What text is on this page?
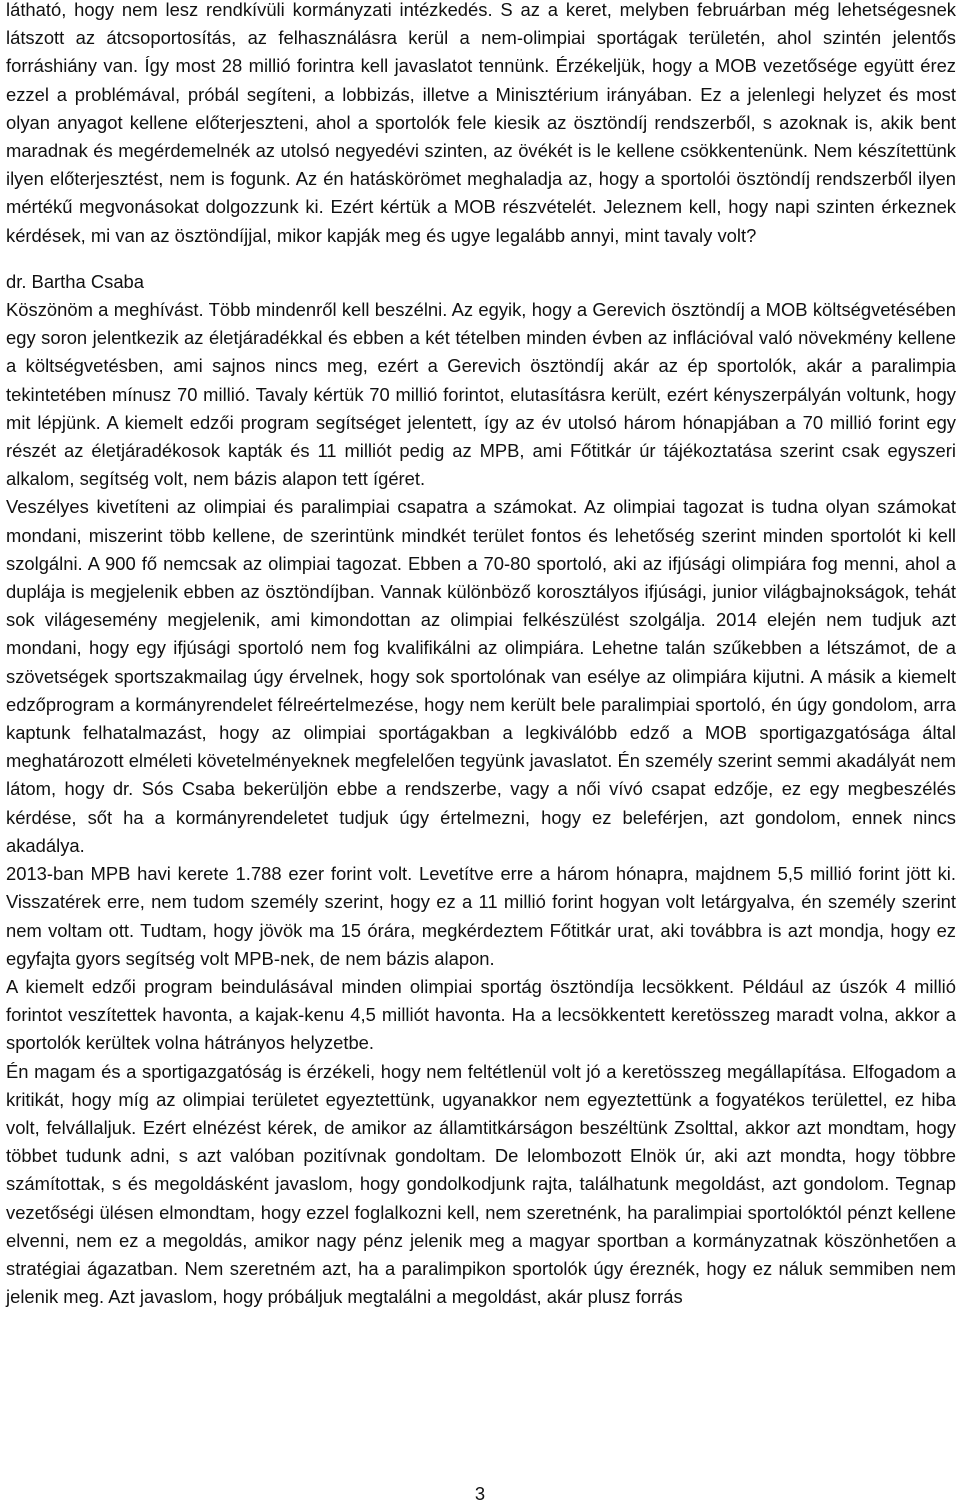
látható, hogy nem lesz rendkívüli kormányzati intézkedés. S az a keret, melyben februárban még lehetségesnek látszott az átcsoportosítás, az felhasználásra kerül a nem-olimpiai sportágak területén, ahol szintén jelentős forráshiány van. Így most 28 millió forintra kell javaslatot tennünk. Érzékeljük, hogy a MOB vezetősége együtt érez ezzel a problémával, próbál segíteni, a lobbizás, illetve a Minisztérium irányában. Ez a jelenlegi helyzet és most olyan anyagot kellene előterjeszteni, ahol a sportolók fele kiesik az ösztöndíj rendszerből, s azoknak is, akik bent maradnak és megérdemelnék az utolsó negyedévi szinten, az övékét is le kellene csökkentenünk. Nem készítettünk ilyen előterjesztést, nem is fogunk. Az én hatáskörömet meghaladja az, hogy a sportolói ösztöndíj rendszerből ilyen mértékű megvonásokat dolgozzunk ki. Ezért kértük a MOB részvételét. Jeleznem kell, hogy napi szinten érkeznek kérdések, mi van az ösztöndíjjal, mikor kapják meg és ugye legalább annyi, mint tavaly volt?

dr. Bartha Csaba

Köszönöm a meghívást. Több mindenről kell beszélni. Az egyik, hogy a Gerevich ösztöndíj a MOB költségvetésében egy soron jelentkezik az életjáradékkal és ebben a két tételben minden évben az inflációval való növekmény kellene a költségvetésben, ami sajnos nincs meg, ezért a Gerevich ösztöndíj akár az ép sportolók, akár a paralimpia tekintetében mínusz 70 millió. Tavaly kértük 70 millió forintot, elutasításra került, ezért kényszerpályán voltunk, hogy mit lépjünk. A kiemelt edzői program segítséget jelentett, így az év utolsó három hónapjában a 70 millió forint egy részét az életjáradékosok kapták és 11 milliót pedig az MPB, ami Főtitkár úr tájékoztatása szerint csak egyszeri alkalom, segítség volt, nem bázis alapon tett ígéret.

Veszélyes kivetíteni az olimpiai és paralimpiai csapatra a számokat. Az olimpiai tagozat is tudna olyan számokat mondani, miszerint több kellene, de szerintünk mindkét terület fontos és lehetőség szerint minden sportolót ki kell szolgálni. A 900 fő nemcsak az olimpiai tagozat. Ebben a 70-80 sportoló, aki az ifjúsági olimpiára fog menni, ahol a duplája is megjelenik ebben az ösztöndíjban. Vannak különböző korosztályos ifjúsági, junior világbajnokságok, tehát sok világesemény megjelenik, ami kimondottan az olimpiai felkészülést szolgálja. 2014 elején nem tudjuk azt mondani, hogy egy ifjúsági sportoló nem fog kvalifikálni az olimpiára. Lehetne talán szűkebben a létszámot, de a szövetségek sportszakmailag úgy érvelnek, hogy sok sportolónak van esélye az olimpiára kijutni. A másik a kiemelt edzőprogram a kormányrendelet félreértelmezése, hogy nem került bele paralimpiai sportoló, én úgy gondolom, arra kaptunk felhatalmazást, hogy az olimpiai sportágakban a legkiválóbb edző a MOB sportigazgatósága által meghatározott elméleti követelményeknek megfelelően tegyünk javaslatot. Én személy szerint semmi akadályát nem látom, hogy dr. Sós Csaba bekerüljön ebbe a rendszerbe, vagy a női vívó csapat edzője, ez egy megbeszélés kérdése, sőt ha a kormányrendeletet tudjuk úgy értelmezni, hogy ez beleférjen, azt gondolom, ennek nincs akadálya.

2013-ban MPB havi kerete 1.788 ezer forint volt. Levetítve erre a három hónapra, majdnem 5,5 millió forint jött ki. Visszatérek erre, nem tudom személy szerint, hogy ez a 11 millió forint hogyan volt letárgyalva, én személy szerint nem voltam ott. Tudtam, hogy jövök ma 15 órára, megkérdeztem Főtitkár urat, aki továbbra is azt mondja, hogy ez egyfajta gyors segítség volt MPB-nek, de nem bázis alapon.

A kiemelt edzői program beindulásával minden olimpiai sportág ösztöndíja lecsökkent. Például az úszók 4 millió forintot veszítettek havonta, a kajak-kenu 4,5 milliót havonta. Ha a lecsökkentett keretösszeg maradt volna, akkor a sportolók kerültek volna hátrányos helyzetbe.

Én magam és a sportigazgatóság is érzékeli, hogy nem feltétlenül volt jó a keretösszeg megállapítása. Elfogadom a kritikát, hogy míg az olimpiai területet egyeztettünk, ugyanakkor nem egyeztettünk a fogyatékos területtel, ez hiba volt, felvállaljuk. Ezért elnézést kérek, de amikor az államtitkárságon beszéltünk Zsolttal, akkor azt mondtam, hogy többet tudunk adni, s azt valóban pozitívnak gondoltam. De lelombozott Elnök úr, aki azt mondta, hogy többre számítottak, s és megoldásként javaslom, hogy gondolkodjunk rajta, találhatunk megoldást, azt gondolom. Tegnap vezetőségi ülésen elmondtam, hogy ezzel foglalkozni kell, nem szeretnénk, ha paralimpiai sportolóktól pénzt kellene elvenni, nem ez a megoldás, amikor nagy pénz jelenik meg a magyar sportban a kormányzatnak köszönhetően a stratégiai ágazatban. Nem szeretném azt, ha a paralimpikon sportolók úgy éreznék, hogy ez náluk semmiben nem jelenik meg. Azt javaslom, hogy próbáljuk megtalálni a megoldást, akár plusz forrás

3
